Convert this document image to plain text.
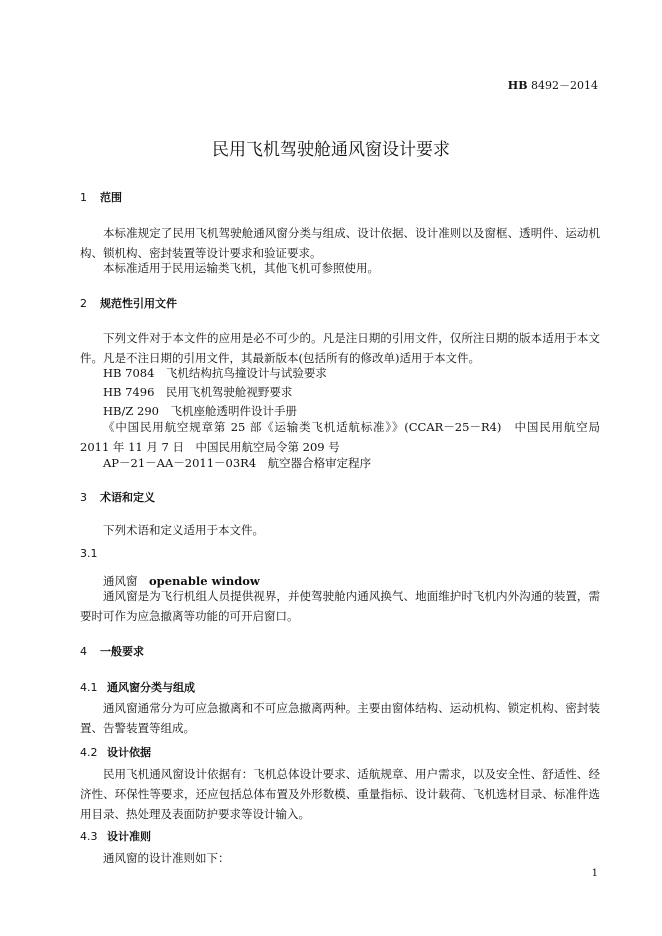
HB 8492－2014
民用飞机驾驶舱通风窗设计要求
1 范围
本标准规定了民用飞机驾驶舱通风窗分类与组成、设计依据、设计准则以及窗框、透明件、运动机构、锁机构、密封装置等设计要求和验证要求。
本标准适用于民用运输类飞机，其他飞机可参照使用。
2 规范性引用文件
下列文件对于本文件的应用是必不可少的。凡是注日期的引用文件，仅所注日期的版本适用于本文件。凡是不注日期的引用文件，其最新版本(包括所有的修改单)适用于本文件。
HB 7084　飞机结构抗鸟撞设计与试验要求
HB 7496　民用飞机驾驶舱视野要求
HB/Z 290　飞机座舱透明件设计手册
《中国民用航空规章第 25 部《运输类飞机适航标准》》(CCAR－25－R4)　中国民用航空局　2011 年 11 月 7 日　中国民用航空局令第 209 号
AP－21－AA－2011－03R4　航空器合格审定程序
3 术语和定义
下列术语和定义适用于本文件。
3.1
通风窗　 openable window
通风窗是为飞行机组人员提供视界，并使驾驶舱内通风换气、地面维护时飞机内外沟通的装置，需要时可作为应急撤离等功能的可开启窗口。
4 一般要求
4.1 通风窗分类与组成
通风窗通常分为可应急撤离和不可应急撤离两种。主要由窗体结构、运动机构、锁定机构、密封装置、告警装置等组成。
4.2 设计依据
民用飞机通风窗设计依据有：飞机总体设计要求、适航规章、用户需求，以及安全性、舒适性、经济性、环保性等要求，还应包括总体布置及外形数模、重量指标、设计载荷、飞机选材目录、标准件选用目录、热处理及表面防护要求等设计输入。
4.3 设计准则
通风窗的设计准则如下：
1
